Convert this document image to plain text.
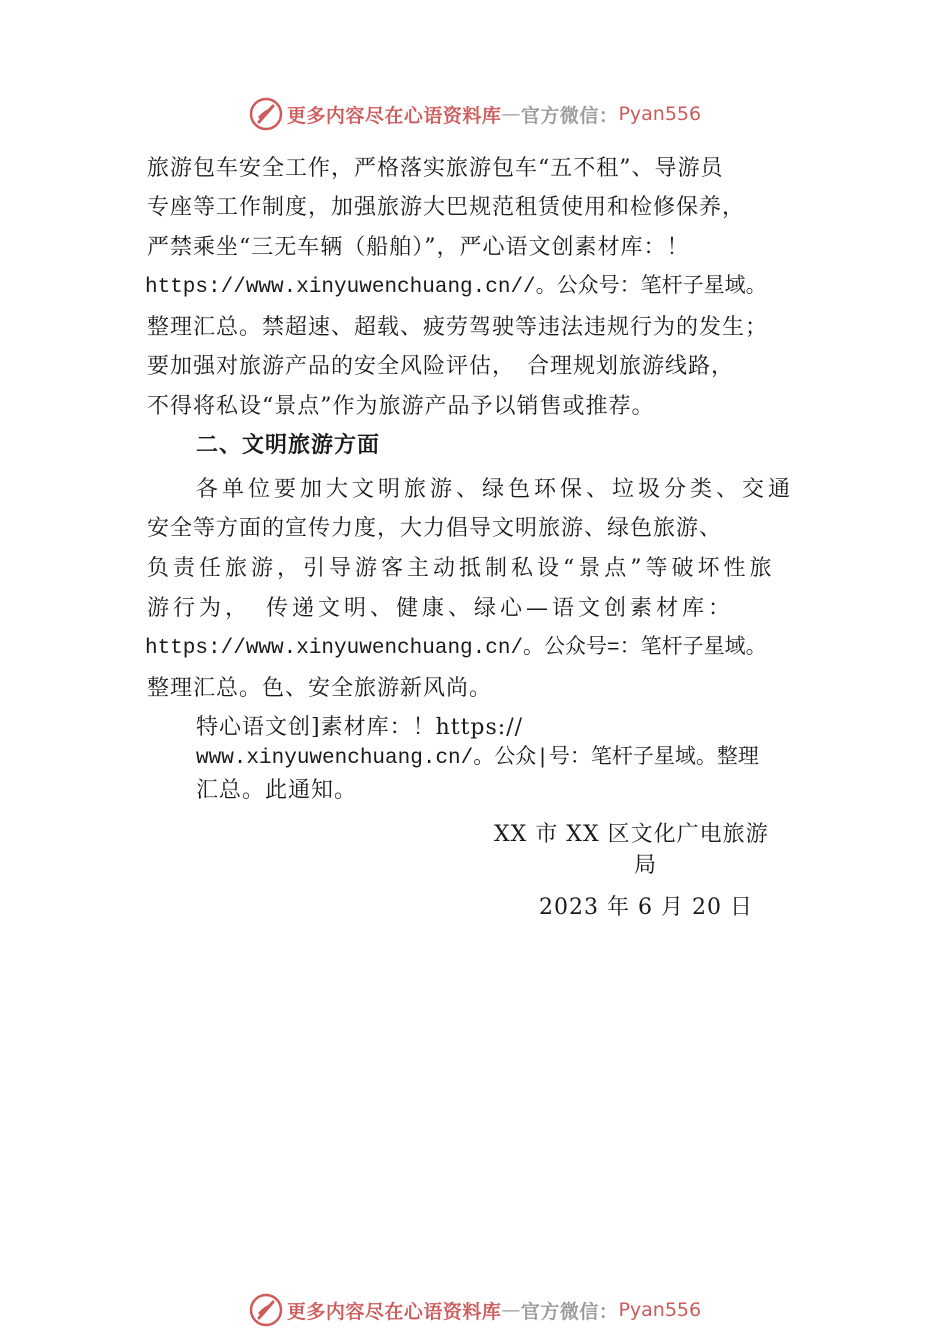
更多内容尽在心语资料库 — 官方微信： Pyan556
旅游包车安全工作，严格落实旅游包车“五不租”、导游员
专座等工作制度，加强旅游大巴规范租赁使用和检修保养，
严禁乘坐“三无车辆（船舶）”，严心语文创素材库：！
https://www.xinyuwenchuang.cn//。公众号：笔杆子星域。
整理汇总。禁超速、超载、疲劳驾驶等违法违规行为的发生；
要加强对旅游产品的安全风险评估，　合理规划旅游线路，
不得将私设“景点”作为旅游产品予以销售或推荐。
二、文明旅游方面
各单位要加大文明旅游、绿色环保、垃圾分类、交通
安全等方面的宣传力度，大力倡导文明旅游、绿色旅游、
负责任旅游，引导游客主动抵制私设“景点”等破坏性旅
游行为，　传递文明、健康、绿心—语文创素材库：
https://www.xinyuwenchuang.cn/。公众号=：笔杆子星域。
整理汇总。色、安全旅游新风尚。
特心语文创]素材库：！https://
www.xinyuwenchuang.cn/。公众|号：笔杆子星域。整理
汇总。此通知。
XX 市 XX 区文化广电旅游
局
2023 年 6 月 20 日
更多内容尽在心语资料库 — 官方微信： Pyan556
